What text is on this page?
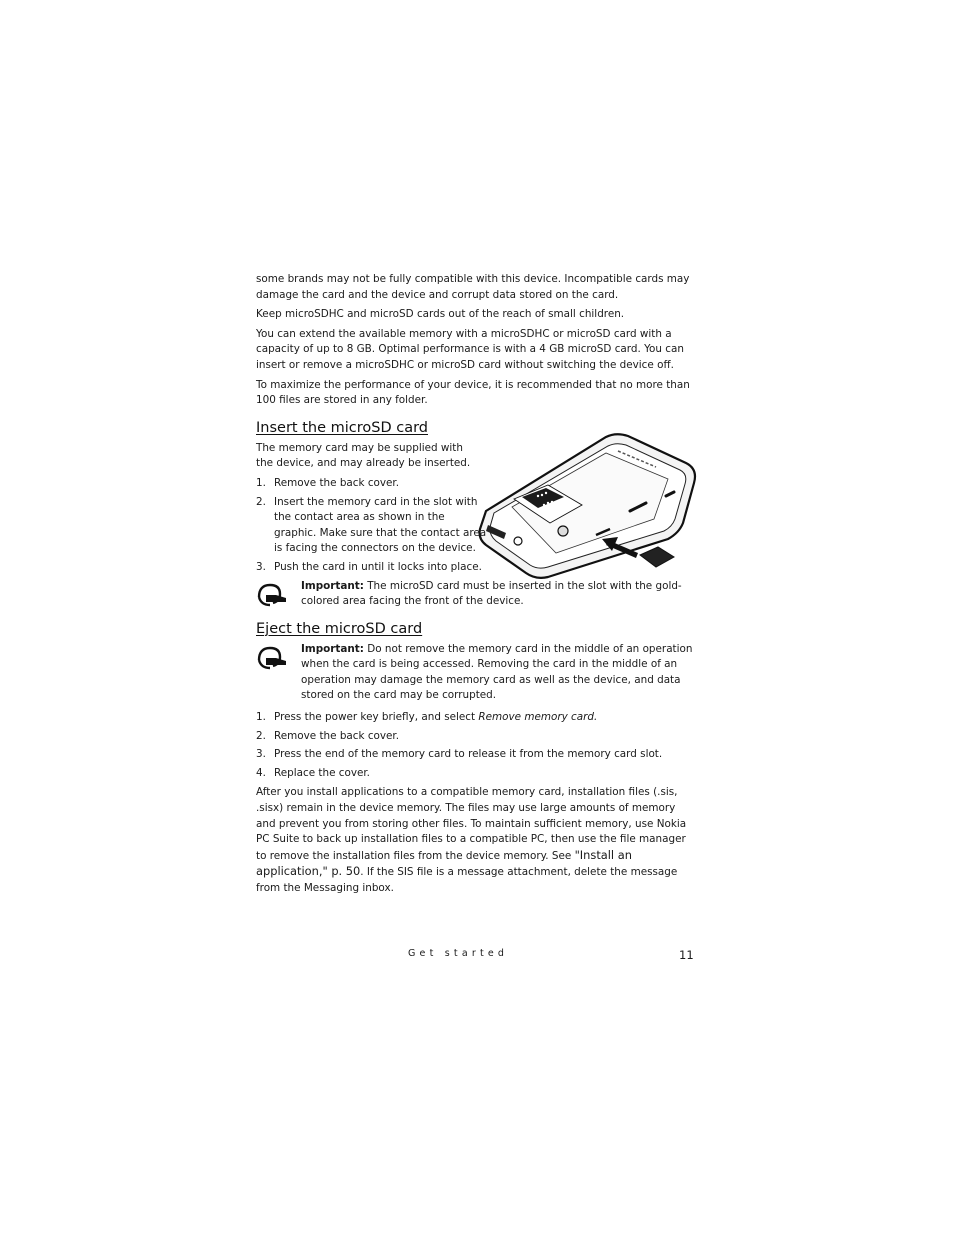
some brands may not be fully compatible with this device. Incompatible cards may damage the card and the device and corrupt data stored on the card.

Keep microSDHC and microSD cards out of the reach of small children.

You can extend the available memory with a microSDHC or microSD card with a capacity of up to 8 GB. Optimal performance is with a 4 GB microSD card. You can insert or remove a microSDHC or microSD card without switching the device off.

To maximize the performance of your device, it is recommended that no more than 100 files are stored in any folder.

Insert the microSD card

The memory card may be supplied with the device, and may already be inserted.

1. Remove the back cover.
2. Insert the memory card in the slot with the contact area as shown in the graphic. Make sure that the contact area is facing the connectors on the device.
3. Push the card in until it locks into place.

Important: The microSD card must be inserted in the slot with the gold-colored area facing the front of the device.

Eject the microSD card

Important: Do not remove the memory card in the middle of an operation when the card is being accessed. Removing the card in the middle of an operation may damage the memory card as well as the device, and data stored on the card may be corrupted.

1. Press the power key briefly, and select Remove memory card.
2. Remove the back cover.
3. Press the end of the memory card to release it from the memory card slot.
4. Replace the cover.

After you install applications to a compatible memory card, installation files (.sis, .sisx) remain in the device memory. The files may use large amounts of memory and prevent you from storing other files. To maintain sufficient memory, use Nokia PC Suite to back up installation files to a compatible PC, then use the file manager to remove the installation files from the device memory. See "Install an application," p. 50. If the SIS file is a message attachment, delete the message from the Messaging inbox.

Get started	11
